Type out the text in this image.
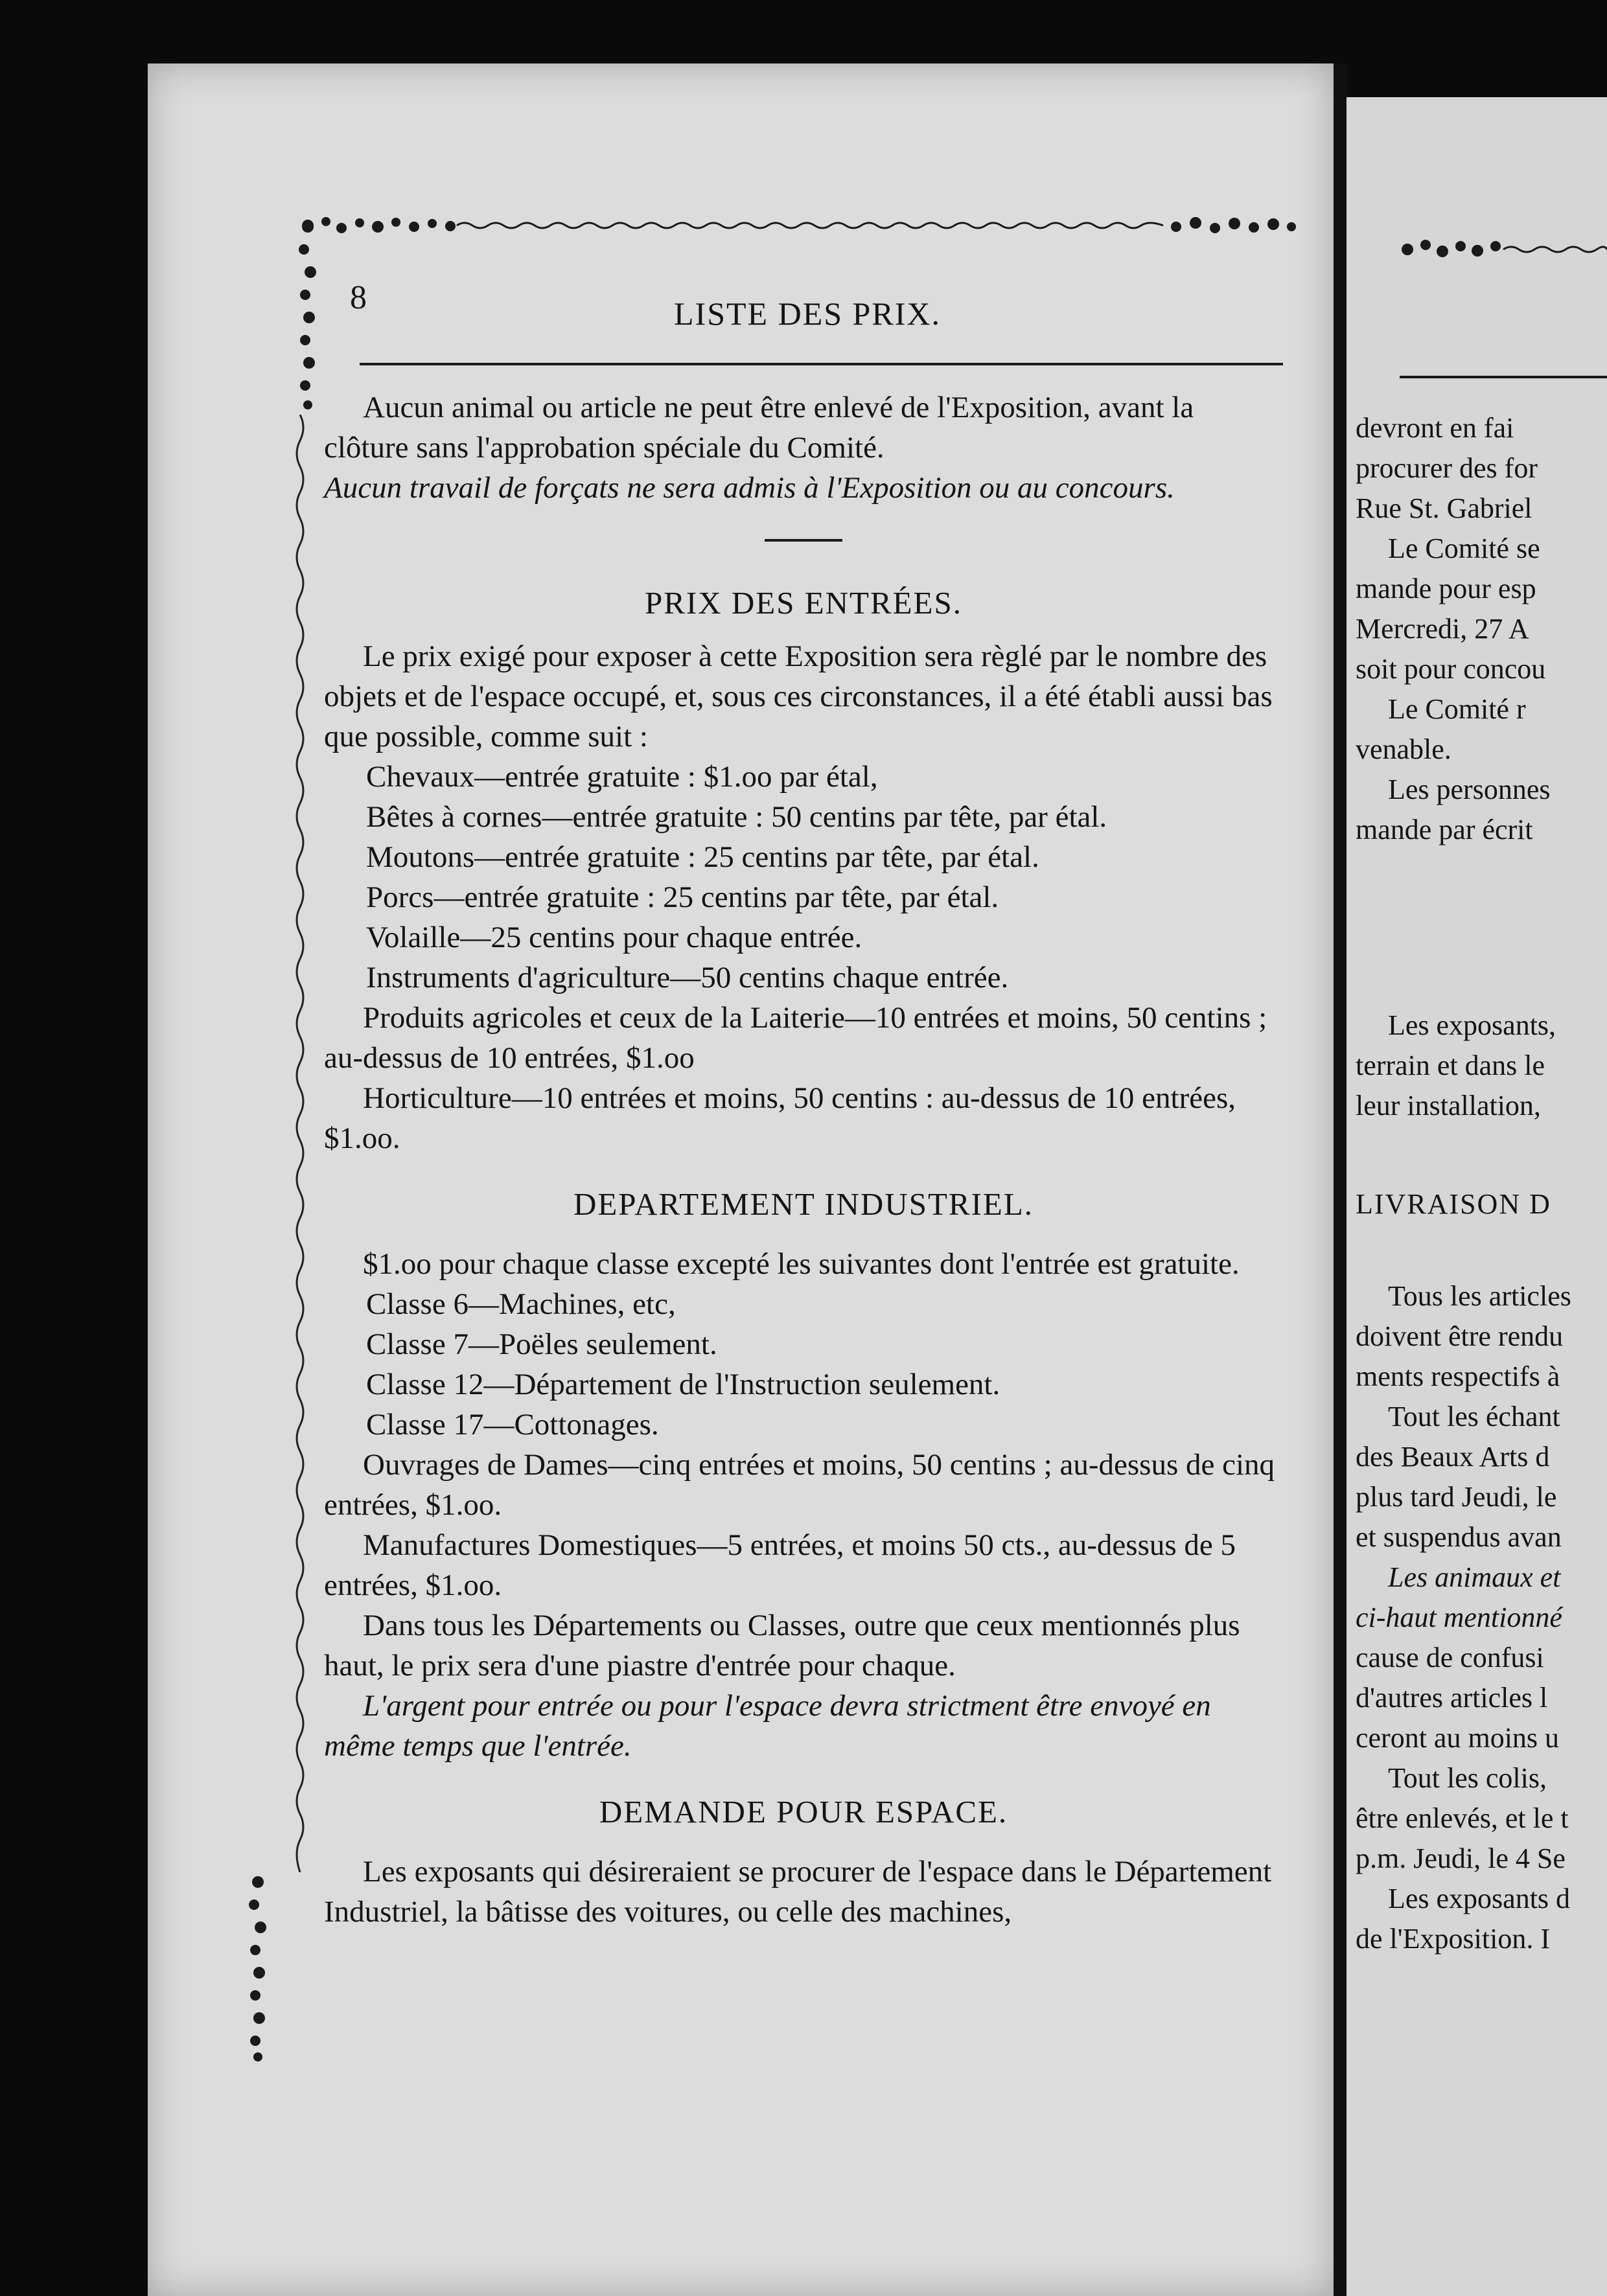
8	LISTE DES PRIX.

Aucun animal ou article ne peut être enlevé de l'Exposition, avant la clôture sans l'approbation spéciale du Comité.

Aucun travail de forçats ne sera admis à l'Exposition ou au concours.

PRIX DES ENTRÉES.

Le prix exigé pour exposer à cette Exposition sera règlé par le nombre des objets et de l'espace occupé, et, sous ces circonstances, il a été établi aussi bas que possible, comme suit :

Chevaux—entrée gratuite : $1.oo par étal,

Bêtes à cornes—entrée gratuite : 50 centins par tête, par étal.

Moutons—entrée gratuite : 25 centins par tête, par étal.

Porcs—entrée gratuite : 25 centins par tête, par étal.

Volaille—25 centins pour chaque entrée.

Instruments d'agriculture—50 centins chaque entrée.

Produits agricoles et ceux de la Laiterie—10 entrées et moins, 50 centins ; au-dessus de 10 entrées, $1.oo

Horticulture—10 entrées et moins, 50 centins : au-dessus de 10 entrées, $1.oo.

DEPARTEMENT INDUSTRIEL.

$1.oo pour chaque classe excepté les suivantes dont l'entrée est gratuite.

Classe 6—Machines, etc,

Classe 7—Poëles seulement.

Classe 12—Département de l'Instruction seulement.

Classe 17—Cottonages.

Ouvrages de Dames—cinq entrées et moins, 50 centins ; au-dessus de cinq entrées, $1.oo.

Manufactures Domestiques—5 entrées, et moins 50 cts., au-dessus de 5 entrées, $1.oo.

Dans tous les Départements ou Classes, outre que ceux mentionnés plus haut, le prix sera d'une piastre d'entrée pour chaque.

L'argent pour entrée ou pour l'espace devra strictment être envoyé en même temps que l'entrée.

DEMANDE POUR ESPACE.

Les exposants qui désireraient se procurer de l'espace dans le Département Industriel, la bâtisse des voitures, ou celle des machines,

devront en fai

procurer des for

Rue St. Gabriel

Le Comité se

mande pour esp

Mercredi, 27 A

soit pour concou

Le Comité r

venable.

Les personnes

mande par écrit

Les exposants,

terrain et dans le

leur installation,

LIVRAISON D

Tous les articles

doivent être rendu

ments respectifs à

Tout les échant

des Beaux Arts d

plus tard Jeudi, le

et suspendus avan

Les animaux et

ci-haut mentionné

cause de confusi

d'autres articles l

ceront au moins u

Tout les colis,

être enlevés, et le t

p.m. Jeudi, le 4 Se

Les exposants d

de l'Exposition. I
